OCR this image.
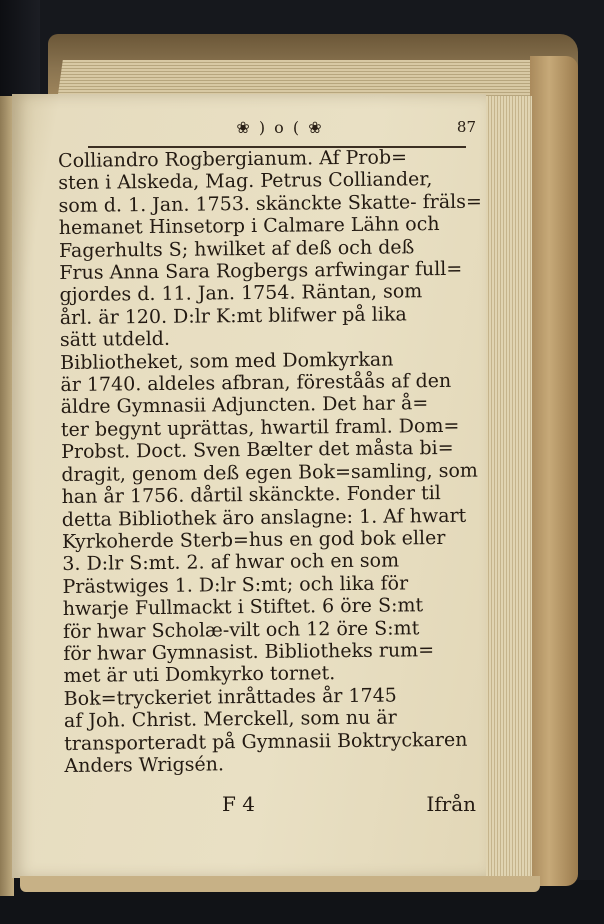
❀ ) o ( ❀	87
Colliandro Rogbergianum. Af Prob=
sten i Alskeda, Mag. Petrus Colliander,
som d. 1. Jan. 1753. skänckte Skatte- fräls=
hemanet Hinsetorp i Calmare Lähn och
Fagerhults S; hwilket af deß och deß
Frus Anna Sara Rogbergs arfwingar full=
gjordes d. 11. Jan. 1754. Räntan, som
årl. är 120. D:lr K:mt blifwer på lika
sätt utdeld.
Bibliotheket, som med Domkyrkan
är 1740. aldeles afbran, föreståås af den
äldre Gymnasii Adjuncten. Det har å=
ter begynt uprättas, hwartil framl. Dom=
Probst. Doct. Sven Bælter det måsta bi=
dragit, genom deß egen Bok=samling, som
han år 1756. dårtil skänckte. Fonder til
detta Bibliothek äro anslagne: 1. Af hwart
Kyrkoherde Sterb=hus en god bok eller
3. D:lr S:mt. 2. af hwar och en som
Prästwiges 1. D:lr S:mt; och lika för
hwarje Fullmackt i Stiftet. 6 öre S:mt
för hwar Scholæ-vilt och 12 öre S:mt
för hwar Gymnasist. Bibliotheks rum=
met är uti Domkyrko tornet.
Bok=tryckeriet inråttades år 1745
af Joh. Christ. Merckell, som nu är
transporteradt på Gymnasii Boktryckaren
Anders Wrigsén.
F 4	Ifrån
